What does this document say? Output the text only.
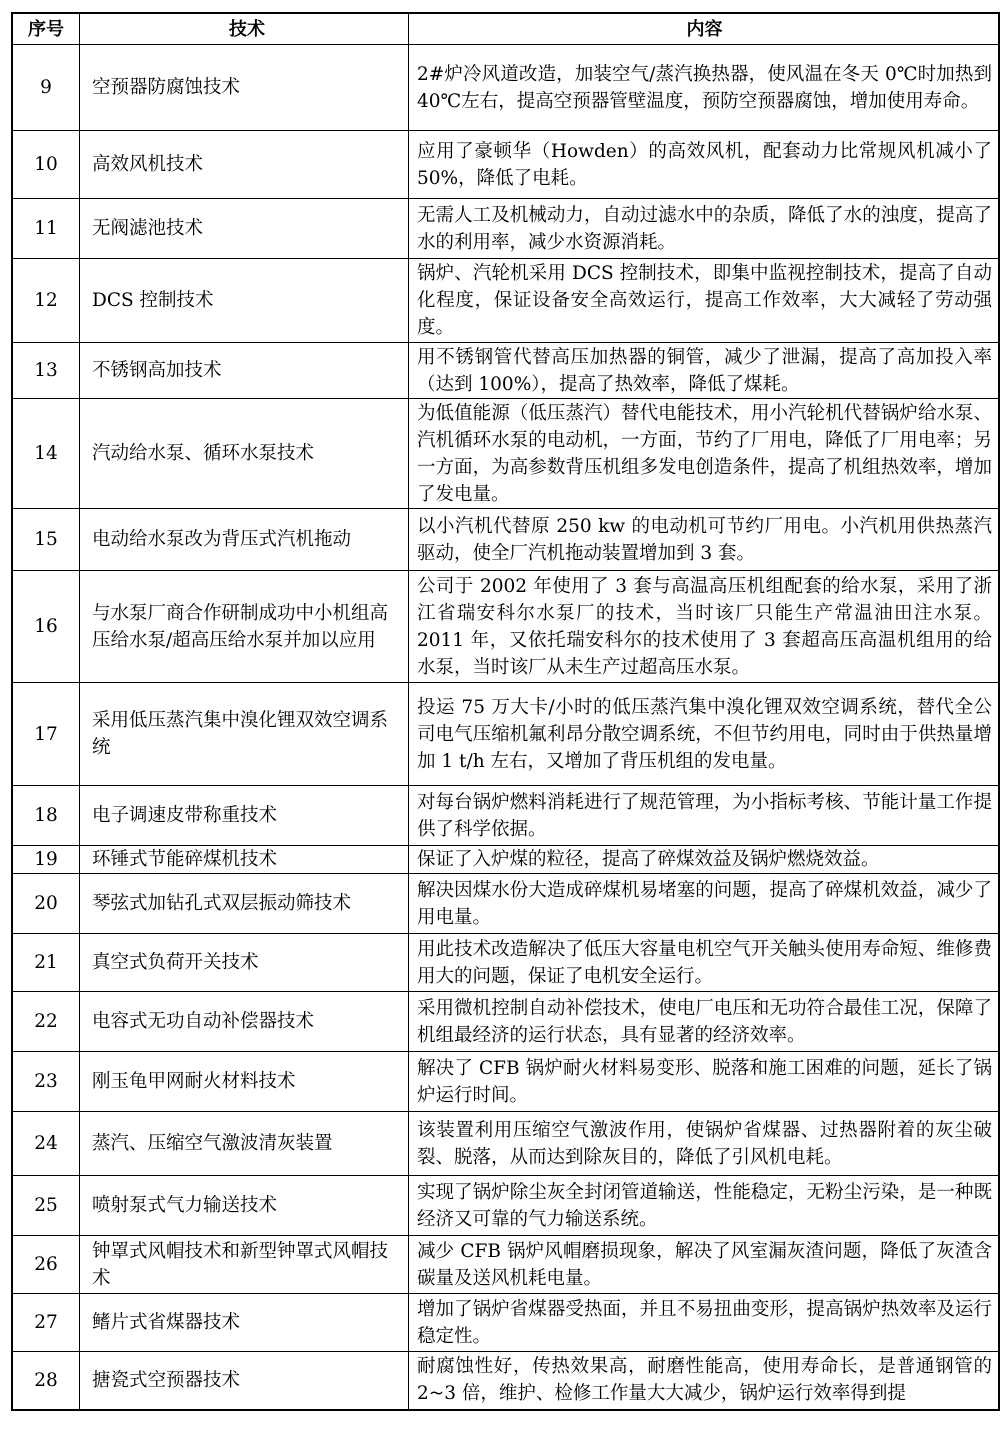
序号	技术	内容
9	空预器防腐蚀技术	2#炉冷风道改造，加装空气/蒸汽换热器，使风温在冬天 0℃时加热到 40℃左右，提高空预器管壁温度，预防空预器腐蚀，增加使用寿命。
10	高效风机技术	应用了豪顿华（Howden）的高效风机，配套动力比常规风机减小了 50%，降低了电耗。
11	无阀滤池技术	无需人工及机械动力，自动过滤水中的杂质，降低了水的浊度，提高了水的利用率，减少水资源消耗。
12	DCS 控制技术	锅炉、汽轮机采用 DCS 控制技术，即集中监视控制技术，提高了自动化程度，保证设备安全高效运行，提高工作效率，大大减轻了劳动强度。
13	不锈钢高加技术	用不锈钢管代替高压加热器的铜管，减少了泄漏，提高了高加投入率（达到 100%），提高了热效率，降低了煤耗。
14	汽动给水泵、循环水泵技术	为低值能源（低压蒸汽）替代电能技术，用小汽轮机代替锅炉给水泵、汽机循环水泵的电动机，一方面，节约了厂用电，降低了厂用电率；另一方面，为高参数背压机组多发电创造条件，提高了机组热效率，增加了发电量。
15	电动给水泵改为背压式汽机拖动	以小汽机代替原 250 kw 的电动机可节约厂用电。小汽机用供热蒸汽驱动，使全厂汽机拖动装置增加到 3 套。
16	与水泵厂商合作研制成功中小机组高压给水泵/超高压给水泵并加以应用	公司于 2002 年使用了 3 套与高温高压机组配套的给水泵，采用了浙江省瑞安科尔水泵厂的技术，当时该厂只能生产常温油田注水泵。2011 年，又依托瑞安科尔的技术使用了 3 套超高压高温机组用的给水泵，当时该厂从未生产过超高压水泵。
17	采用低压蒸汽集中溴化锂双效空调系统	投运 75 万大卡/小时的低压蒸汽集中溴化锂双效空调系统，替代全公司电气压缩机氟利昂分散空调系统，不但节约用电，同时由于供热量增加 1 t/h 左右，又增加了背压机组的发电量。
18	电子调速皮带称重技术	对每台锅炉燃料消耗进行了规范管理，为小指标考核、节能计量工作提供了科学依据。
19	环锤式节能碎煤机技术	保证了入炉煤的粒径，提高了碎煤效益及锅炉燃烧效益。
20	琴弦式加钻孔式双层振动筛技术	解决因煤水份大造成碎煤机易堵塞的问题，提高了碎煤机效益，减少了用电量。
21	真空式负荷开关技术	用此技术改造解决了低压大容量电机空气开关触头使用寿命短、维修费用大的问题，保证了电机安全运行。
22	电容式无功自动补偿器技术	采用微机控制自动补偿技术，使电厂电压和无功符合最佳工况，保障了机组最经济的运行状态，具有显著的经济效率。
23	刚玉龟甲网耐火材料技术	解决了 CFB 锅炉耐火材料易变形、脱落和施工困难的问题，延长了锅炉运行时间。
24	蒸汽、压缩空气激波清灰装置	该装置利用压缩空气激波作用，使锅炉省煤器、过热器附着的灰尘破裂、脱落，从而达到除灰目的，降低了引风机电耗。
25	喷射泵式气力输送技术	实现了锅炉除尘灰全封闭管道输送，性能稳定，无粉尘污染，是一种既经济又可靠的气力输送系统。
26	钟罩式风帽技术和新型钟罩式风帽技术	减少 CFB 锅炉风帽磨损现象，解决了风室漏灰渣问题，降低了灰渣含碳量及送风机耗电量。
27	鳍片式省煤器技术	增加了锅炉省煤器受热面，并且不易扭曲变形，提高锅炉热效率及运行稳定性。
28	搪瓷式空预器技术	耐腐蚀性好，传热效果高，耐磨性能高，使用寿命长，是普通钢管的 2~3 倍，维护、检修工作量大大减少，锅炉运行效率得到提
